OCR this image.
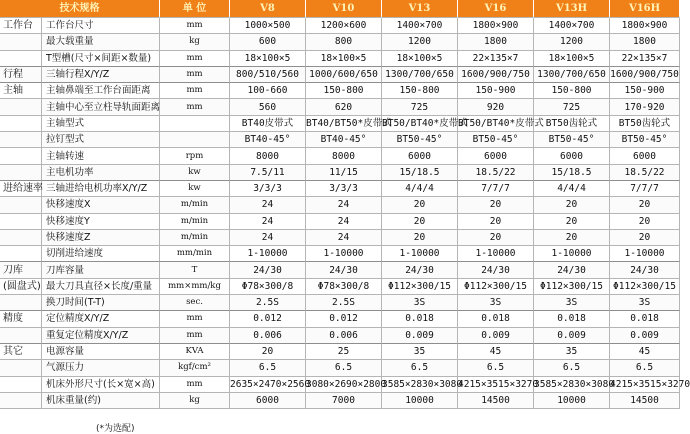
技术规格		单 位	V8	V10	V13	V16	V13H	V16H
工作台	工作台尺寸	mm	1000×500	1200×600	1400×700	1800×900	1400×700	1800×900
	最大载重量	kg	600	800	1200	1800	1200	1800
	T型槽(尺寸×间距×数量)	mm	18×100×5	18×100×5	18×100×5	22×135×7	18×100×5	22×135×7
行程	三轴行程X/Y/Z	mm	800/510/560	1000/600/650	1300/700/650	1600/900/750	1300/700/650	1600/900/750
主轴	主轴鼻端至工作台面距离	mm	100-660	150-800	150-800	150-900	150-800	150-900
	主轴中心至立柱导轨面距离	mm	560	620	725	920	725	170-920
	主轴型式		BT40皮带式	BT40/BT50*皮带式	BT50/BT40*皮带式	BT50/BT40*皮带式	BT50齿轮式	BT50齿轮式
	拉钉型式		BT40-45°	BT40-45°	BT50-45°	BT50-45°	BT50-45°	BT50-45°
	主轴转速	rpm	8000	8000	6000	6000	6000	6000
	主电机功率	kw	7.5/11	11/15	15/18.5	18.5/22	15/18.5	18.5/22
进给速率	三轴进给电机功率X/Y/Z	kw	3/3/3	3/3/3	4/4/4	7/7/7	4/4/4	7/7/7
	快移速度X	m/min	24	24	20	20	20	20
	快移速度Y	m/min	24	24	20	20	20	20
	快移速度Z	m/min	24	24	20	20	20	20
	切削进给速度	mm/min	1-10000	1-10000	1-10000	1-10000	1-10000	1-10000
刀库	刀库容量	T	24/30	24/30	24/30	24/30	24/30	24/30
(圆盘式)	最大刀具直径×长度/重量	mm×mm/kg	Φ78×300/8	Φ78×300/8	Φ112×300/15	Φ112×300/15	Φ112×300/15	Φ112×300/15
	换刀时间(T-T)	sec.	2.5S	2.5S	3S	3S	3S	3S
精度	定位精度X/Y/Z	mm	0.012	0.012	0.018	0.018	0.018	0.018
	重复定位精度X/Y/Z	mm	0.006	0.006	0.009	0.009	0.009	0.009
其它	电源容量	KVA	20	25	35	45	35	45
	气源压力	kgf/cm²	6.5	6.5	6.5	6.5	6.5	6.5
	机床外形尺寸(长×宽×高)	mm	2635×2470×2560	3080×2690×2800	3585×2830×3080	4215×3515×3270	3585×2830×3080	4215×3515×3270
	机床重量(约)	kg	6000	7000	10000	14500	10000	14500
(*为选配)
